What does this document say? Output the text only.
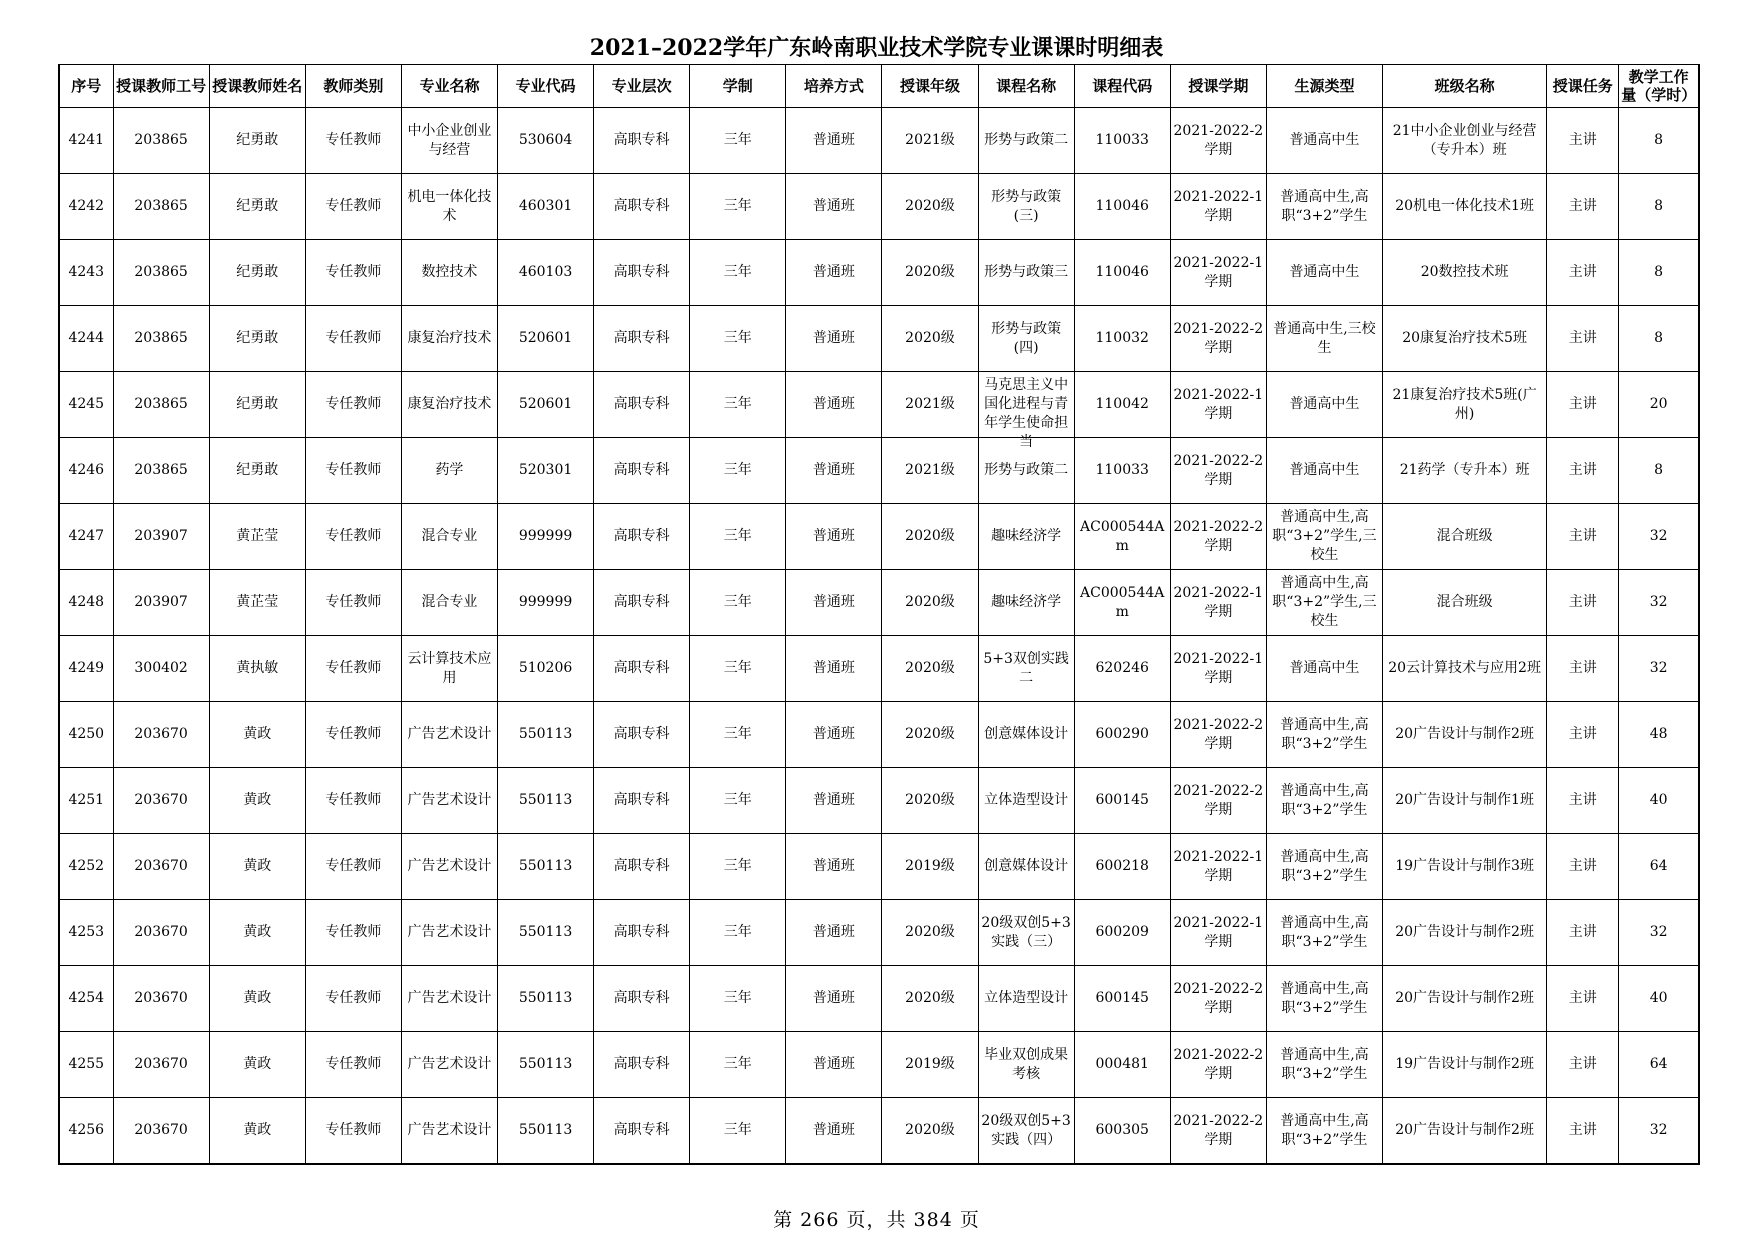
2021–2022学年广东岭南职业技术学院专业课课时明细表
序号	授课教师工号	授课教师姓名	教师类别	专业名称	专业代码	专业层次	学制	培养方式	授课年级	课程名称	课程代码	授课学期	生源类型	班级名称	授课任务	教学工作量（学时）

4241	203865	纪勇敢	专任教师	中小企业创业与经营	530604	高职专科	三年	普通班	2021级	形势与政策二	110033	2021-2022-2学期	普通高中生	21中小企业创业与经营（专升本）班	主讲	8

4242	203865	纪勇敢	专任教师	机电一体化技术	460301	高职专科	三年	普通班	2020级	形势与政策(三)	110046	2021-2022-1学期	普通高中生,高职“3+2”学生	20机电一体化技术1班	主讲	8

4243	203865	纪勇敢	专任教师	数控技术	460103	高职专科	三年	普通班	2020级	形势与政策三	110046	2021-2022-1学期	普通高中生	20数控技术班	主讲	8

4244	203865	纪勇敢	专任教师	康复治疗技术	520601	高职专科	三年	普通班	2020级	形势与政策(四)	110032	2021-2022-2学期	普通高中生,三校生	20康复治疗技术5班	主讲	8

4245	203865	纪勇敢	专任教师	康复治疗技术	520601	高职专科	三年	普通班	2021级	马克思主义中国化进程与青年学生使命担当	110042	2021-2022-1学期	普通高中生	21康复治疗技术5班(广州)	主讲	20

4246	203865	纪勇敢	专任教师	药学	520301	高职专科	三年	普通班	2021级	形势与政策二	110033	2021-2022-2学期	普通高中生	21药学（专升本）班	主讲	8

4247	203907	黄芷莹	专任教师	混合专业	999999	高职专科	三年	普通班	2020级	趣味经济学	AC000544Am	2021-2022-2学期	普通高中生,高职“3+2”学生,三校生	混合班级	主讲	32

4248	203907	黄芷莹	专任教师	混合专业	999999	高职专科	三年	普通班	2020级	趣味经济学	AC000544Am	2021-2022-1学期	普通高中生,高职“3+2”学生,三校生	混合班级	主讲	32

4249	300402	黄执敏	专任教师	云计算技术应用	510206	高职专科	三年	普通班	2020级	5+3双创实践二	620246	2021-2022-1学期	普通高中生	20云计算技术与应用2班	主讲	32

4250	203670	黄政	专任教师	广告艺术设计	550113	高职专科	三年	普通班	2020级	创意媒体设计	600290	2021-2022-2学期	普通高中生,高职“3+2”学生	20广告设计与制作2班	主讲	48

4251	203670	黄政	专任教师	广告艺术设计	550113	高职专科	三年	普通班	2020级	立体造型设计	600145	2021-2022-2学期	普通高中生,高职“3+2”学生	20广告设计与制作1班	主讲	40

4252	203670	黄政	专任教师	广告艺术设计	550113	高职专科	三年	普通班	2019级	创意媒体设计	600218	2021-2022-1学期	普通高中生,高职“3+2”学生	19广告设计与制作3班	主讲	64

4253	203670	黄政	专任教师	广告艺术设计	550113	高职专科	三年	普通班	2020级	20级双创5+3实践（三）	600209	2021-2022-1学期	普通高中生,高职“3+2”学生	20广告设计与制作2班	主讲	32

4254	203670	黄政	专任教师	广告艺术设计	550113	高职专科	三年	普通班	2020级	立体造型设计	600145	2021-2022-2学期	普通高中生,高职“3+2”学生	20广告设计与制作2班	主讲	40

4255	203670	黄政	专任教师	广告艺术设计	550113	高职专科	三年	普通班	2019级	毕业双创成果考核	000481	2021-2022-2学期	普通高中生,高职“3+2”学生	19广告设计与制作2班	主讲	64

4256	203670	黄政	专任教师	广告艺术设计	550113	高职专科	三年	普通班	2020级	20级双创5+3实践（四）	600305	2021-2022-2学期	普通高中生,高职“3+2”学生	20广告设计与制作2班	主讲	32
第 266 页，共 384 页
